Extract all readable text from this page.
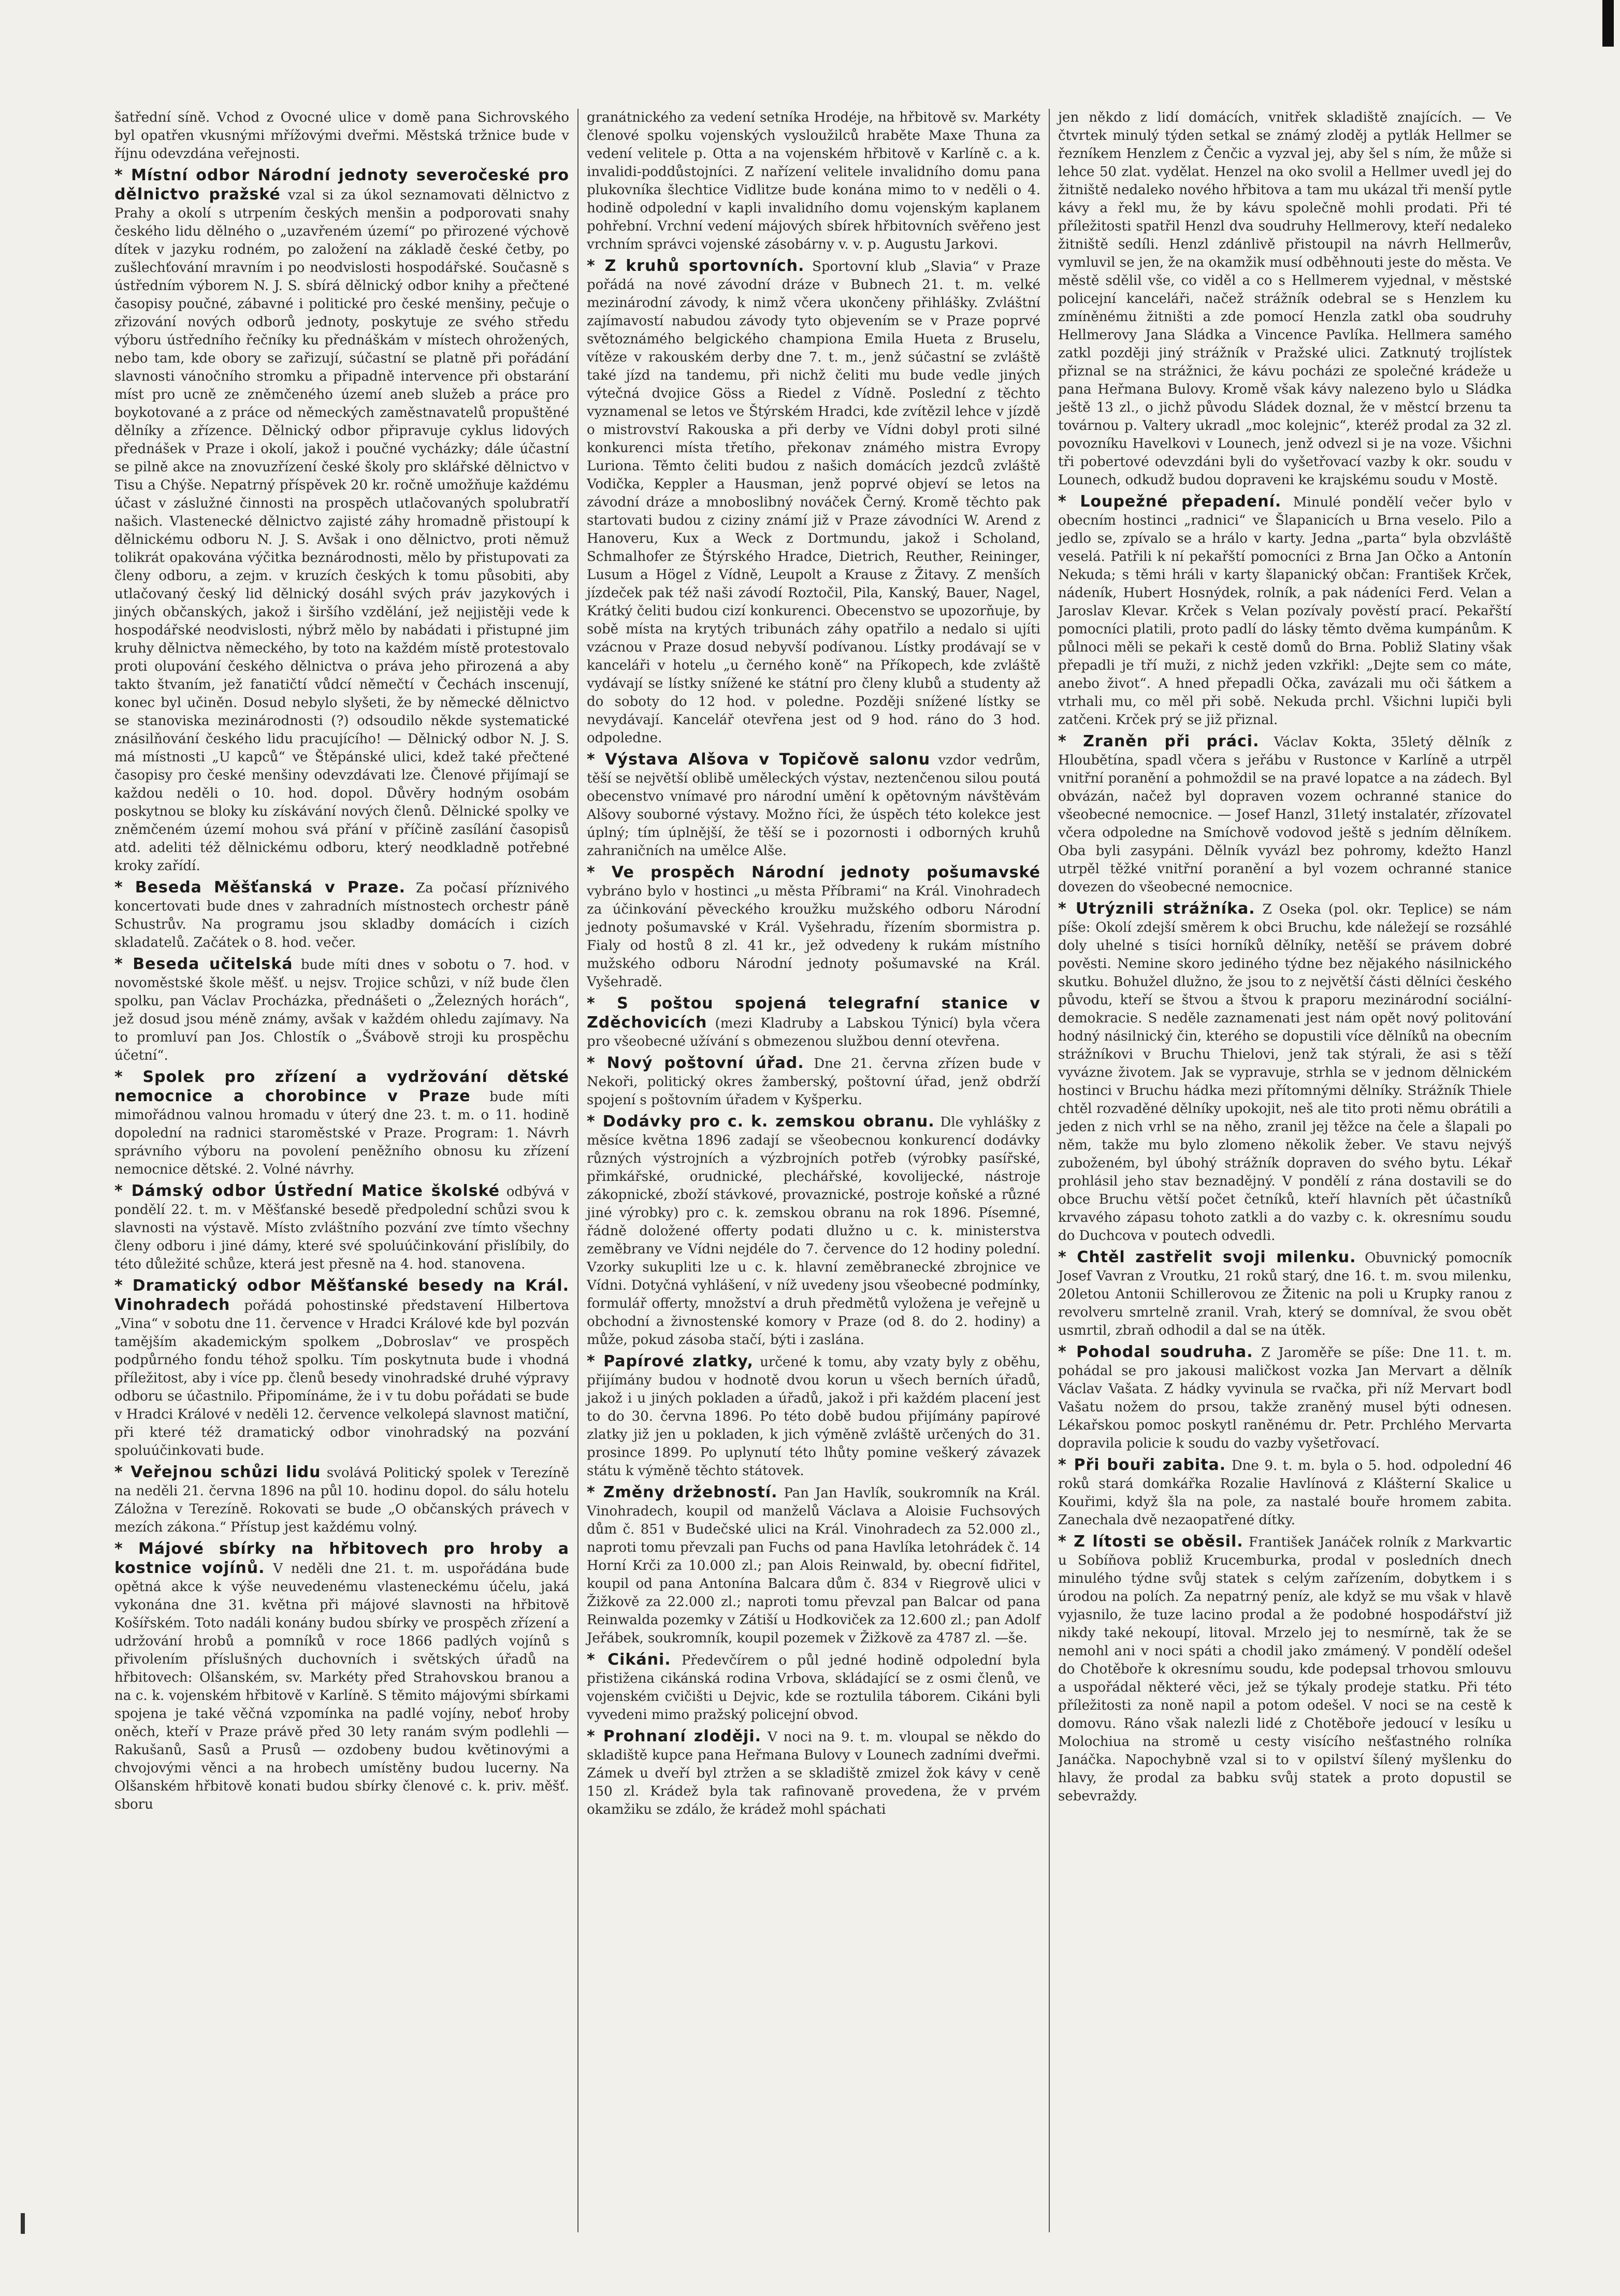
šatřední síně. Vchod z Ovocné ulice v domě pana Sichrovského byl opatřen vkusnými mřížovými dveřmi. Městská tržnice bude v říjnu odevzdána veřejnosti.

* Místní odbor Národní jednoty severočeské pro dělnictvo pražské vzal si za úkol seznamovati dělnictvo z Prahy a okolí s utrpením českých menšin a podporovati snahy českého lidu dělného o „uzavřeném území“ po přirozené výchově dítek v jazyku rodném, po založení na základě české četby, po zušlechťování mravním i po neodvislosti hospodářské. Současně s ústředním výborem N. J. S. sbírá dělnický odbor knihy a přečtené časopisy poučné, zábavné i politické pro české menšiny, pečuje o zřizování nových odborů jednoty, poskytuje ze svého středu výboru ústředního řečníky ku přednáškám v místech ohrožených, nebo tam, kde obory se zařizují, súčastní se platně při pořádání slavnosti vánočního stromku a připadně intervence při obstarání míst pro ucně ze zněmčeného území aneb služeb a práce pro boykotované a z práce od německých zaměstnavatelů propuštěné dělníky a zřízence. Dělnický odbor připravuje cyklus lidových přednášek v Praze i okolí, jakož i poučné vycházky; dále účastní se pilně akce na znovuzřízení české školy pro sklářské dělnictvo v Tisu a Chýše. Nepatrný příspěvek 20 kr. ročně umožňuje každému účast v záslužné činnosti na prospěch utlačovaných spolubratří našich. Vlastenecké dělnictvo zajisté záhy hromadně přistoupí k dělnickému odboru N. J. S. Avšak i ono dělnictvo, proti němuž tolikrát opakována výčitka beznárodnosti, mělo by přistupovati za členy odboru, a zejm. v kruzích českých k tomu působiti, aby utlačovaný český lid dělnický dosáhl svých práv jazykových i jiných občanských, jakož i širšího vzdělání, jež nejjistěji vede k hospodářské neodvislosti, nýbrž mělo by nabádati i přistupné jim kruhy dělnictva německého, by toto na každém místě protestovalo proti olupování českého dělnictva o práva jeho přirozená a aby takto štvaním, jež fanatičtí vůdcí němečtí v Čechách inscenují, konec byl učiněn. Dosud nebylo slyšeti, že by německé dělnictvo se stanoviska mezinárodnosti (?) odsoudilo někde systematické znásilňování českého lidu pracujícího! — Dělnický odbor N. J. S. má místnosti „U kapců“ ve Štěpánské ulici, kdež také přečtené časopisy pro české menšiny odevzdávati lze. Členové přijímají se každou neděli o 10. hod. dopol. Důvěry hodným osobám poskytnou se bloky ku získávání nových členů. Dělnické spolky ve zněmčeném území mohou svá přání v příčině zasílání časopisů atd. adeliti též dělnickému odboru, který neodkladně potřebné kroky zařídí.

* Beseda Měšťanská v Praze. Za počasí příznivého koncertovati bude dnes v zahradních místnostech orchestr páně Schustrův. Na programu jsou skladby domácích i cizích skladatelů. Začátek o 8. hod. večer.

* Beseda učitelská bude míti dnes v sobotu o 7. hod. v novoměstské škole měšť. u nejsv. Trojice schůzi, v níž bude člen spolku, pan Václav Procházka, přednášeti o „Železných horách“, jež dosud jsou méně známy, avšak v každém ohledu zajímavy. Na to promluví pan Jos. Chlostík o „Švábově stroji ku prospěchu účetní“.

* Spolek pro zřízení a vydržování dětské nemocnice a chorobince v Praze bude míti mimořádnou valnou hromadu v úterý dne 23. t. m. o 11. hodině dopolední na radnici staroměstské v Praze. Program: 1. Návrh správního výboru na povolení peněžního obnosu ku zřízení nemocnice dětské. 2. Volné návrhy.

* Dámský odbor Ústřední Matice školské odbývá v pondělí 22. t. m. v Měšťanské besedě předpolední schůzi svou k slavnosti na výstavě. Místo zvláštního pozvání zve tímto všechny členy odboru i jiné dámy, které své spoluúčinkování přislíbily, do této důležité schůze, která jest přesně na 4. hod. stanovena.

* Dramatický odbor Měšťanské besedy na Král. Vinohradech pořádá pohostinské představení Hilbertova „Vina“ v sobotu dne 11. července v Hradci Králové kde byl pozván tamějším akademickým spolkem „Dobroslav“ ve prospěch podpůrného fondu téhož spolku. Tím poskytnuta bude i vhodná příležitost, aby i více pp. členů besedy vinohradské druhé výpravy odboru se účastnilo. Připomínáme, že i v tu dobu pořádati se bude v Hradci Králové v neděli 12. července velkolepá slavnost matiční, při které též dramatický odbor vinohradský na pozvání spoluúčinkovati bude.

* Veřejnou schůzi lidu svolává Politický spolek v Terezíně na neděli 21. června 1896 na půl 10. hodinu dopol. do sálu hotelu Záložna v Terezíně. Rokovati se bude „O občanských právech v mezích zákona.“ Přístup jest každému volný.

* Májové sbírky na hřbitovech pro hroby a kostnice vojínů. V neděli dne 21. t. m. uspořádána bude opětná akce k výše neuvedenému vlasteneckému účelu, jaká vykonána dne 31. května při májové slavnosti na hřbitově Košířském. Toto nadáli konány budou sbírky ve prospěch zřízení a udržování hrobů a pomníků v roce 1866 padlých vojínů s přivolením příslušných duchovních i světských úřadů na hřbitovech: Olšanském, sv. Markéty před Strahovskou branou a na c. k. vojenském hřbitově v Karlíně. S těmito májovými sbírkami spojena je také věčná vzpomínka na padlé vojíny, neboť hroby oněch, kteří v Praze právě před 30 lety ranám svým podlehli — Rakušanů, Sasů a Prusů — ozdobeny budou květinovými a chvojovými věnci a na hrobech umístěny budou lucerny. Na Olšanském hřbitově konati budou sbírky členové c. k. priv. měšť. sboru

granátnického za vedení setníka Hrodéje, na hřbitově sv. Markéty členové spolku vojenských vysloužilců hraběte Maxe Thuna za vedení velitele p. Otta a na vojenském hřbitově v Karlíně c. a k. invalidi-poddůstojníci. Z nařízení velitele invalidního domu pana plukovníka šlechtice Vidlitze bude konána mimo to v neděli o 4. hodině odpolední v kapli invalidního domu vojenským kaplanem pohřební. Vrchní vedení májových sbírek hřbitovních svěřeno jest vrchním správci vojenské zásobárny v. v. p. Augustu Jarkovi.

* Z kruhů sportovních. Sportovní klub „Slavia“ v Praze pořádá na nové závodní dráze v Bubnech 21. t. m. velké mezinárodní závody, k nimž včera ukončeny přihlášky. Zvláštní zajímavostí nabudou závody tyto objevením se v Praze poprvé světoznámého belgického championa Emila Hueta z Bruselu, vítěze v rakouském derby dne 7. t. m., jenž súčastní se zvláště také jízd na tandemu, při nichž čeliti mu bude vedle jiných výtečná dvojice Göss a Riedel z Vídně. Poslední z těchto vyznamenal se letos ve Štýrském Hradci, kde zvítězil lehce v jízdě o mistrovství Rakouska a při derby ve Vídni dobyl proti silné konkurenci místa třetího, překonav známého mistra Evropy Luriona. Těmto čeliti budou z našich domácích jezdců zvláště Vodička, Keppler a Hausman, jenž poprvé objeví se letos na závodní dráze a mnoboslibný nováček Černý. Kromě těchto pak startovati budou z ciziny známí již v Praze závodníci W. Arend z Hanoveru, Kux a Weck z Dortmundu, jakož i Scholand, Schmalhofer ze Štýrského Hradce, Dietrich, Reuther, Reininger, Lusum a Högel z Vídně, Leupolt a Krause z Žitavy. Z menších jízdeček pak též naši závodí Roztočil, Pila, Kanský, Bauer, Nagel, Krátký čeliti budou cizí konkurenci. Obecenstvo se upozorňuje, by sobě místa na krytých tribunách záhy opatřilo a nedalo si ujíti vzácnou v Praze dosud nebyvší podívanou. Lístky prodávají se v kanceláři v hotelu „u černého koně“ na Příkopech, kde zvláště vydávají se lístky snížené ke státní pro členy klubů a studenty až do soboty do 12 hod. v poledne. Později snížené lístky se nevydávají. Kancelář otevřena jest od 9 hod. ráno do 3 hod. odpoledne.

* Výstava Alšova v Topičově salonu vzdor vedrům, těší se největší oblibě uměleckých výstav, neztenčenou silou poutá obecenstvo vnímavé pro národní umění k opětovným návštěvám Alšovy souborné výstavy. Možno říci, že úspěch této kolekce jest úplný; tím úplnější, že těší se i pozornosti i odborných kruhů zahraničních na umělce Alše.

* Ve prospěch Národní jednoty pošumavské vybráno bylo v hostinci „u města Příbrami“ na Král. Vinohradech za účinkování pěveckého kroužku mužského odboru Národní jednoty pošumavské v Král. Vyšehradu, řízením sbormistra p. Fialy od hostů 8 zl. 41 kr., jež odvedeny k rukám místního mužského odboru Národní jednoty pošumavské na Král. Vyšehradě.

* S poštou spojená telegrafní stanice v Zděchovicích (mezi Kladruby a Labskou Týnicí) byla včera pro všeobecné užívání s obmezenou službou denní otevřena.

* Nový poštovní úřad. Dne 21. června zřízen bude v Nekoři, politický okres žamberský, poštovní úřad, jenž obdrží spojení s poštovním úřadem v Kyšperku.

* Dodávky pro c. k. zemskou obranu. Dle vyhlášky z měsíce května 1896 zadají se všeobecnou konkurencí dodávky různých výstrojních a výzbrojních potřeb (výrobky pasířské, přimkářské, orudnické, plechářské, kovolijecké, nástroje zákopnické, zboží stávkové, provaznické, postroje koňské a různé jiné výrobky) pro c. k. zemskou obranu na rok 1896. Písemné, řádně doložené offerty podati dlužno u c. k. ministerstva zeměbrany ve Vídni nejdéle do 7. července do 12 hodiny polední. Vzorky sukupliti lze u c. k. hlavní zeměbranecké zbrojnice ve Vídni. Dotyčná vyhlášení, v níž uvedeny jsou všeobecné podmínky, formulář offerty, množství a druh předmětů vyložena je veřejně u obchodní a živnostenské komory v Praze (od 8. do 2. hodiny) a může, pokud zásoba stačí, býti i zaslána.

* Papírové zlatky, určené k tomu, aby vzaty byly z oběhu, přijímány budou v hodnotě dvou korun u všech berních úřadů, jakož i u jiných pokladen a úřadů, jakož i při každém placení jest to do 30. června 1896. Po této době budou přijímány papírové zlatky již jen u pokladen, k jich výměně zvláště určených do 31. prosince 1899. Po uplynutí této lhůty pomine veškerý závazek státu k výměně těchto státovek.

* Změny držebností. Pan Jan Havlík, soukromník na Král. Vinohradech, koupil od manželů Václava a Aloisie Fuchsových dům č. 851 v Budečské ulici na Král. Vinohradech za 52.000 zl., naproti tomu převzali pan Fuchs od pana Havlíka letohrádek č. 14 Horní Krči za 10.000 zl.; pan Alois Reinwald, by. obecní fidřitel, koupil od pana Antonína Balcara dům č. 834 v Riegrově ulici v Žižkově za 22.000 zl.; naproti tomu převzal pan Balcar od pana Reinwalda pozemky v Zátiší u Hodkoviček za 12.600 zl.; pan Adolf Jeřábek, soukromník, koupil pozemek v Žižkově za 4787 zl. —še.

* Cikáni. Předevčírem o půl jedné hodině odpolední byla přistižena cikánská rodina Vrbova, skládající se z osmi členů, ve vojenském cvičišti u Dejvic, kde se roztulila táborem. Cikáni byli vyvedeni mimo pražský policejní obvod.

* Prohnaní zloději. V noci na 9. t. m. vloupal se někdo do skladiště kupce pana Heřmana Bulovy v Lounech zadními dveřmi. Zámek u dveří byl ztržen a se skladiště zmizel žok kávy v ceně 150 zl. Krádež byla tak rafinovaně provedena, že v prvém okamžiku se zdálo, že krádež mohl spáchati

jen někdo z lidí domácích, vnitřek skladiště znajících. — Ve čtvrtek minulý týden setkal se známý zloděj a pytlák Hellmer se řezníkem Henzlem z Čenčic a vyzval jej, aby šel s ním, že může si lehce 50 zlat. vydělat. Henzel na oko svolil a Hellmer uvedl jej do žitniště nedaleko nového hřbitova a tam mu ukázal tři menší pytle kávy a řekl mu, že by kávu společně mohli prodati. Při té příležitosti spatřil Henzl dva soudruhy Hellmerovy, kteří nedaleko žitniště sedíli. Henzl zdánlivě přistoupil na návrh Hellmerův, vymluvil se jen, že na okamžik musí odběhnouti jeste do města. Ve městě sdělil vše, co viděl a co s Hellmerem vyjednal, v městské policejní kanceláři, načež strážník odebral se s Henzlem ku zmíněnému žitništi a zde pomocí Henzla zatkl oba soudruhy Hellmerovy Jana Sládka a Vincence Pavlíka. Hellmera samého zatkl později jiný strážník v Pražské ulici. Zatknutý trojlístek přiznal se na strážnici, že kávu pocházi ze společné krádeže u pana Heřmana Bulovy. Kromě však kávy nalezeno bylo u Sládka ještě 13 zl., o jichž původu Sládek doznal, že v městcí brzenu ta továrnou p. Valtery ukradl „moc kolejnic“, kteréž prodal za 32 zl. povozníku Havelkovi v Lounech, jenž odvezl si je na voze. Všichni tři pobertové odevzdáni byli do vyšetřovací vazby k okr. soudu v Lounech, odkudž budou dopraveni ke krajskému soudu v Mostě.

* Loupežné přepadení. Minulé pondělí večer bylo v obecním hostinci „radnici“ ve Šlapanicích u Brna veselo. Pilo a jedlo se, zpívalo se a hrálo v karty. Jedna „parta“ byla obzvláště veselá. Patřili k ní pekařští pomocníci z Brna Jan Očko a Antonín Nekuda; s těmi hráli v karty šlapanický občan: František Krček, nádeník, Hubert Hosnýdek, rolník, a pak nádeníci Ferd. Velan a Jaroslav Klevar. Krček s Velan pozívaly pověstí prací. Pekařští pomocníci platili, proto padlí do lásky těmto dvěma kumpánům. K půlnoci měli se pekaři k cestě domů do Brna. Pobliž Slatiny však přepadli je tří muži, z nichž jeden vzkřikl: „Dejte sem co máte, anebo život“. A hned přepadli Očka, zavázali mu oči šátkem a vtrhali mu, co měl při sobě. Nekuda prchl. Všichni lupiči byli zatčeni. Krček prý se již přiznal.

* Zraněn při práci. Václav Kokta, 35letý dělník z Hloubětína, spadl včera s jeřábu v Rustonce v Karlíně a utrpěl vnitřní poranění a pohmoždil se na pravé lopatce a na zádech. Byl obvázán, načež byl dopraven vozem ochranné stanice do všeobecné nemocnice. — Josef Hanzl, 31letý instalatér, zřízovatel včera odpoledne na Smíchově vodovod ještě s jedním dělníkem. Oba byli zasypáni. Dělník vyvázl bez pohromy, kdežto Hanzl utrpěl těžké vnitřní poranění a byl vozem ochranné stanice dovezen do všeobecné nemocnice.

* Utrýznili strážníka. Z Oseka (pol. okr. Teplice) se nám píše: Okolí zdejší směrem k obci Bruchu, kde náležejí se rozsáhlé doly uhelné s tisíci horníků dělníky, netěší se právem dobré pověsti. Nemine skoro jediného týdne bez nějakého násilnického skutku. Bohužel dlužno, že jsou to z největší části dělníci českého původu, kteří se štvou a štvou k praporu mezinárodní sociální-demokracie. S neděle zaznamenati jest nám opět nový politování hodný násilnický čin, kterého se dopustili více dělníků na obecním strážníkovi v Bruchu Thielovi, jenž tak stýrali, že asi s těží vyvázne životem. Jak se vypravuje, strhla se v jednom dělnickém hostinci v Bruchu hádka mezi přítomnými dělníky. Strážník Thiele chtěl rozvaděné dělníky upokojit, neš ale tito proti němu obrátili a jeden z nich vrhl se na něho, zranil jej těžce na čele a šlapali po něm, takže mu bylo zlomeno několik žeber. Ve stavu nejvýš zuboženém, byl úbohý strážník dopraven do svého bytu. Lékař prohlásil jeho stav beznadějný. V pondělí z rána dostavili se do obce Bruchu větší počet četníků, kteří hlavních pět účastníků krvavého zápasu tohoto zatkli a do vazby c. k. okresnímu soudu do Duchcova v poutech odvedli.

* Chtěl zastřelit svoji milenku. Obuvnický pomocník Josef Vavran z Vroutku, 21 roků starý, dne 16. t. m. svou milenku, 20letou Antonii Schillerovou ze Žitenic na poli u Krupky ranou z revolveru smrtelně zranil. Vrah, který se domníval, že svou obět usmrtil, zbraň odhodil a dal se na útěk.

* Pohodal soudruha. Z Jaroměře se píše: Dne 11. t. m. pohádal se pro jakousi maličkost vozka Jan Mervart a dělník Václav Vašata. Z hádky vyvinula se rvačka, při níž Mervart bodl Vašatu nožem do prsou, takže zraněný musel býti odnesen. Lékařskou pomoc poskytl raněnému dr. Petr. Prchlého Mervarta dopravila policie k soudu do vazby vyšetřovací.

* Při bouři zabita. Dne 9. t. m. byla o 5. hod. odpolední 46 roků stará domkářka Rozalie Havlínová z Klášterní Skalice u Kouřimi, když šla na pole, za nastalé bouře hromem zabita. Zanechala dvě nezaopatřené dítky.

* Z lítosti se oběsil. František Janáček rolník z Markvartic u Sobíňova pobliž Krucemburka, prodal v posledních dnech minulého týdne svůj statek s celým zařízením, dobytkem i s úrodou na polích. Za nepatrný peníz, ale když se mu však v hlavě vyjasnilo, že tuze lacino prodal a že podobné hospodářství již nikdy také nekoupí, litoval. Mrzelo jej to nesmírně, tak že se nemohl ani v noci spáti a chodil jako zmámený. V pondělí odešel do Chotěboře k okresnímu soudu, kde podepsal trhovou smlouvu a uspořádal některé věci, jež se týkaly prodeje statku. Při této příležitosti za noně napil a potom odešel. V noci se na cestě k domovu. Ráno však nalezli lidé z Chotěboře jedoucí v lesíku u Molochiua na stromě u cesty visícího nešťastného rolníka Janáčka. Napochybně vzal si to v opilství šílený myšlenku do hlavy, že prodal za babku svůj statek a proto dopustil se sebevraždy.
